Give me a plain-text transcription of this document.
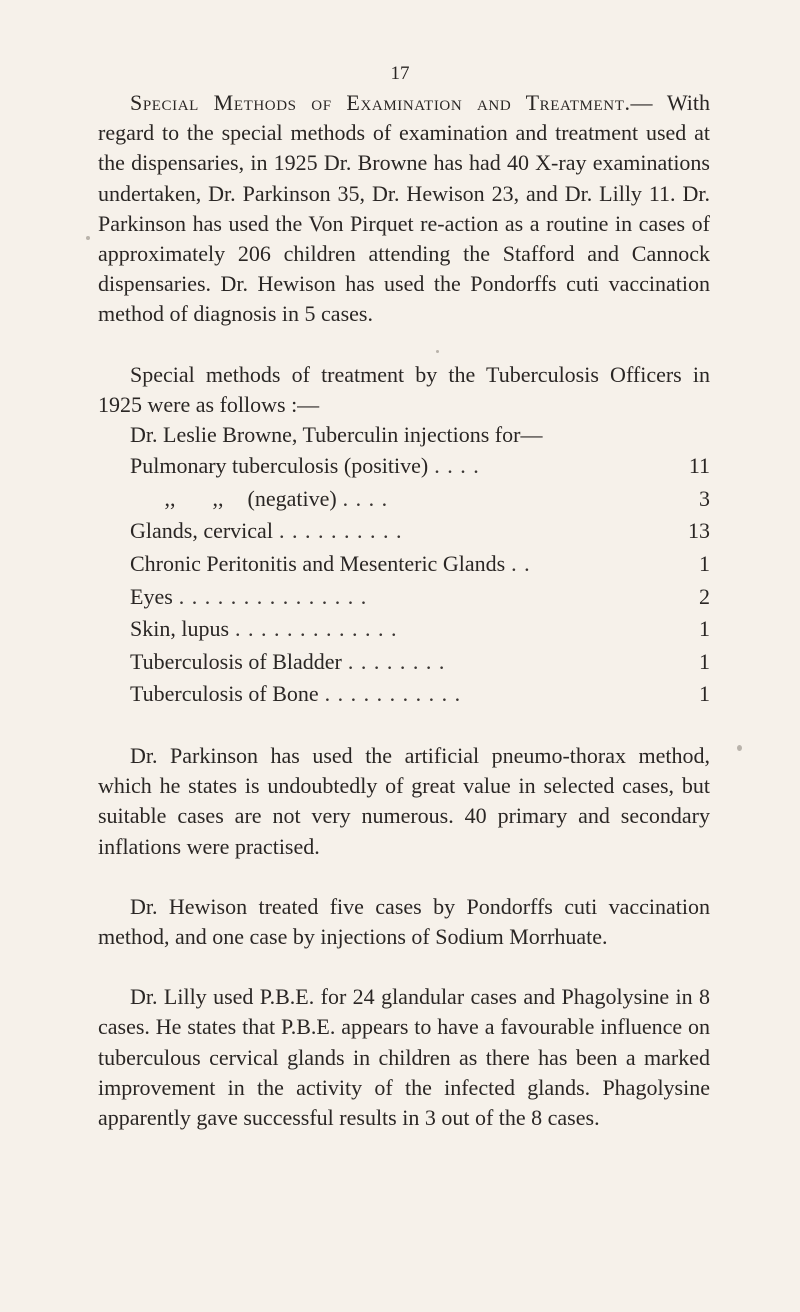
17

Special Methods of Examination and Treatment.— With regard to the special methods of examination and treatment used at the dispensaries, in 1925 Dr. Browne has had 40 X-ray examinations undertaken, Dr. Parkinson 35, Dr. Hewison 23, and Dr. Lilly 11. Dr. Parkinson has used the Von Pirquet re-action as a routine in cases of approximately 206 children attending the Stafford and Cannock dispensaries. Dr. Hewison has used the Pondorffs cuti vaccination method of diagnosis in 5 cases.

Special methods of treatment by the Tuberculosis Officers in 1925 were as follows :—

Dr. Leslie Browne, Tuberculin injections for—

Pulmonary tuberculosis (positive) . . . .	11
,, ,, (negative) . . . .	3
Glands, cervical . . . . . . . . . .	13
Chronic Peritonitis and Mesenteric Glands . .	1
Eyes . . . . . . . . . . . . . . .	2
Skin, lupus . . . . . . . . . . . . .	1
Tuberculosis of Bladder . . . . . . . .	1
Tuberculosis of Bone . . . . . . . . . . .	1

Dr. Parkinson has used the artificial pneumo-thorax method, which he states is undoubtedly of great value in selected cases, but suitable cases are not very numerous. 40 primary and secondary inflations were practised.

Dr. Hewison treated five cases by Pondorffs cuti vaccination method, and one case by injections of Sodium Morrhuate.

Dr. Lilly used P.B.E. for 24 glandular cases and Phagolysine in 8 cases. He states that P.B.E. appears to have a favourable influence on tuberculous cervical glands in children as there has been a marked improvement in the activity of the infected glands. Phagolysine apparently gave successful results in 3 out of the 8 cases.
